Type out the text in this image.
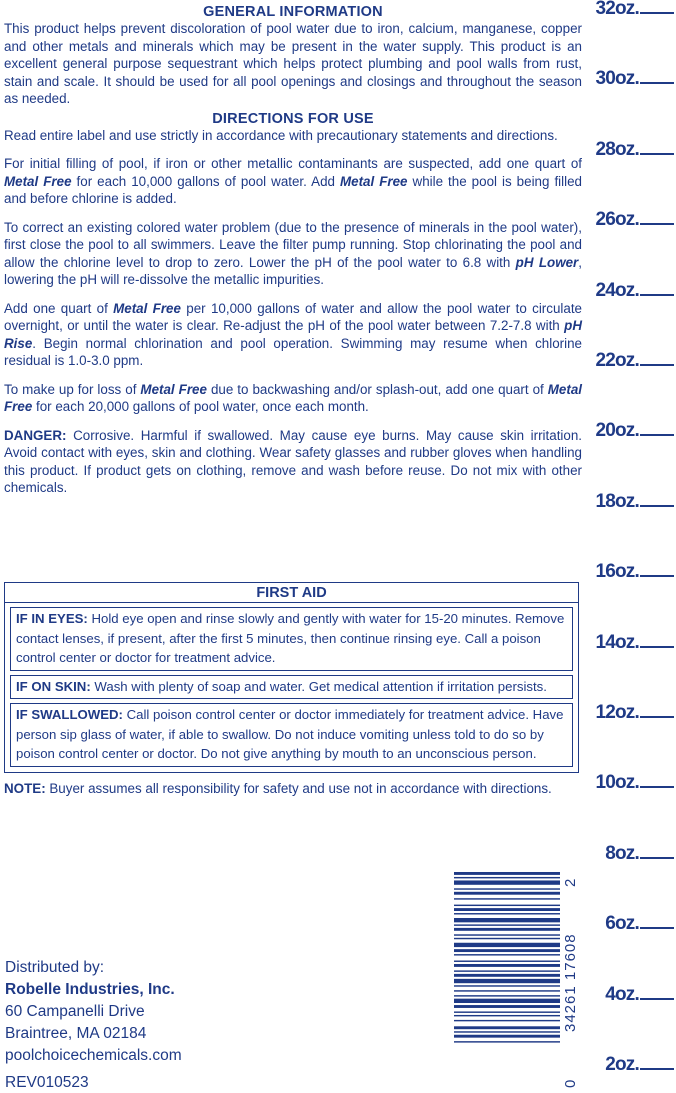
GENERAL INFORMATION

This product helps prevent discoloration of pool water due to iron, calcium, manganese, copper and other metals and minerals which may be present in the water supply. This product is an excellent general purpose sequestrant which helps protect plumbing and pool walls from rust, stain and scale. It should be used for all pool openings and closings and throughout the season as needed.

DIRECTIONS FOR USE

Read entire label and use strictly in accordance with precautionary statements and directions.

For initial filling of pool, if iron or other metallic contaminants are suspected, add one quart of Metal Free for each 10,000 gallons of pool water. Add Metal Free while the pool is being filled and before chlorine is added.

To correct an existing colored water problem (due to the presence of minerals in the pool water), first close the pool to all swimmers. Leave the filter pump running. Stop chlorinating the pool and allow the chlorine level to drop to zero. Lower the pH of the pool water to 6.8 with pH Lower, lowering the pH will re-dissolve the metallic impurities.

Add one quart of Metal Free per 10,000 gallons of water and allow the pool water to circulate overnight, or until the water is clear. Re-adjust the pH of the pool water between 7.2-7.8 with pH Rise. Begin normal chlorination and pool operation. Swimming may resume when chlorine residual is 1.0-3.0 ppm.

To make up for loss of Metal Free due to backwashing and/or splash-out, add one quart of Metal Free for each 20,000 gallons of pool water, once each month.

DANGER: Corrosive. Harmful if swallowed. May cause eye burns. May cause skin irritation. Avoid contact with eyes, skin and clothing. Wear safety glasses and rubber gloves when handling this product. If product gets on clothing, remove and wash before reuse. Do not mix with other chemicals.

FIRST AID
IF IN EYES: Hold eye open and rinse slowly and gently with water for 15-20 minutes. Remove contact lenses, if present, after the first 5 minutes, then continue rinsing eye. Call a poison control center or doctor for treatment advice.
IF ON SKIN: Wash with plenty of soap and water. Get medical attention if irritation persists.
IF SWALLOWED: Call poison control center or doctor immediately for treatment advice. Have person sip glass of water, if able to swallow. Do not induce vomiting unless told to do so by poison control center or doctor. Do not give anything by mouth to an unconscious person.
NOTE: Buyer assumes all responsibility for safety and use not in accordance with directions.
Distributed by:
Robelle Industries, Inc.
60 Campanelli Drive
Braintree, MA 02184
poolchoicechemicals.com
REV010523	0
34261 17608
2
32oz.
30oz.
28oz.
26oz.
24oz.
22oz.
20oz.
18oz.
16oz.
14oz.
12oz.
10oz.
8oz.
6oz.
4oz.
2oz.
